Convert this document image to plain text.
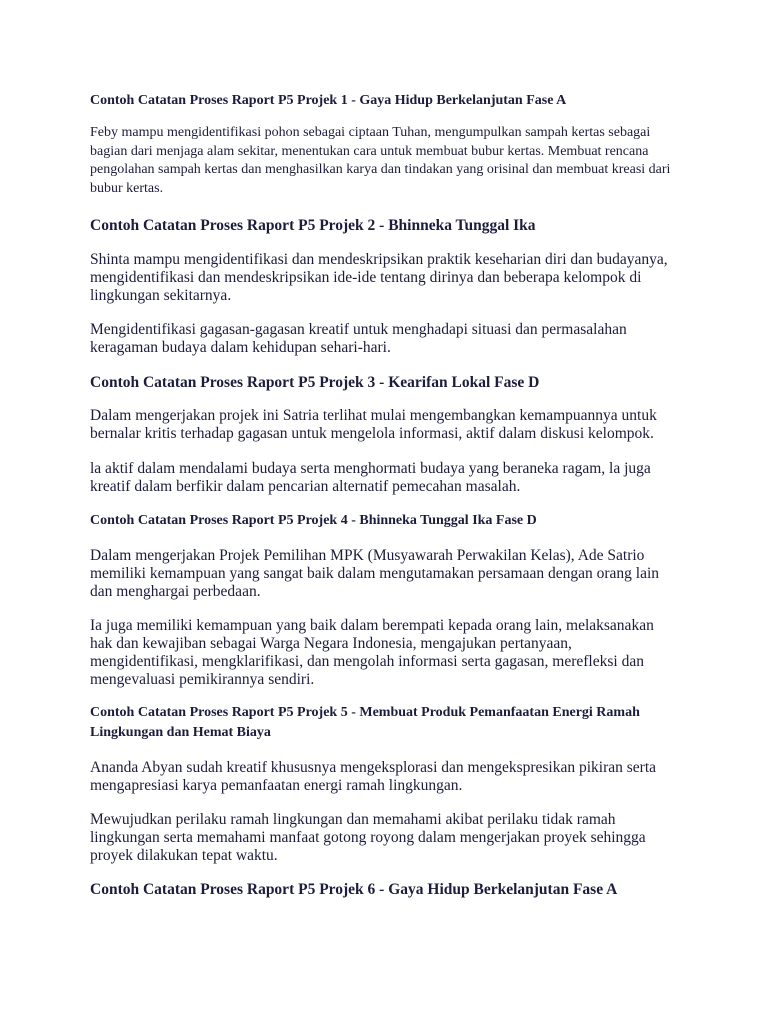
Contoh Catatan Proses Raport P5 Projek 1 - Gaya Hidup Berkelanjutan Fase A

Feby mampu mengidentifikasi pohon sebagai ciptaan Tuhan, mengumpulkan sampah kertas sebagai bagian dari menjaga alam sekitar, menentukan cara untuk membuat bubur kertas. Membuat rencana pengolahan sampah kertas dan menghasilkan karya dan tindakan yang orisinal dan membuat kreasi dari bubur kertas.

Contoh Catatan Proses Raport P5 Projek 2 - Bhinneka Tunggal Ika

Shinta mampu mengidentifikasi dan mendeskripsikan praktik keseharian diri dan budayanya, mengidentifikasi dan mendeskripsikan ide-ide tentang dirinya dan beberapa kelompok di lingkungan sekitarnya.

Mengidentifikasi gagasan-gagasan kreatif untuk menghadapi situasi dan permasalahan keragaman budaya dalam kehidupan sehari-hari.

Contoh Catatan Proses Raport P5 Projek 3 - Kearifan Lokal Fase D

Dalam mengerjakan projek ini Satria terlihat mulai mengembangkan kemampuannya untuk bernalar kritis terhadap gagasan untuk mengelola informasi, aktif dalam diskusi kelompok.

la aktif dalam mendalami budaya serta menghormati budaya yang beraneka ragam, la juga kreatif dalam berfikir dalam pencarian alternatif pemecahan masalah.

Contoh Catatan Proses Raport P5 Projek 4 - Bhinneka Tunggal Ika Fase D

Dalam mengerjakan Projek Pemilihan MPK (Musyawarah Perwakilan Kelas), Ade Satrio memiliki kemampuan yang sangat baik dalam mengutamakan persamaan dengan orang lain dan menghargai perbedaan.

Ia juga memiliki kemampuan yang baik dalam berempati kepada orang lain, melaksanakan hak dan kewajiban sebagai Warga Negara Indonesia, mengajukan pertanyaan, mengidentifikasi, mengklarifikasi, dan mengolah informasi serta gagasan, merefleksi dan mengevaluasi pemikirannya sendiri.

Contoh Catatan Proses Raport P5 Projek 5 - Membuat Produk Pemanfaatan Energi Ramah Lingkungan dan Hemat Biaya

Ananda Abyan sudah kreatif khususnya mengeksplorasi dan mengekspresikan pikiran serta mengapresiasi karya pemanfaatan energi ramah lingkungan.

Mewujudkan perilaku ramah lingkungan dan memahami akibat perilaku tidak ramah lingkungan serta memahami manfaat gotong royong dalam mengerjakan proyek sehingga proyek dilakukan tepat waktu.

Contoh Catatan Proses Raport P5 Projek 6 - Gaya Hidup Berkelanjutan Fase A
